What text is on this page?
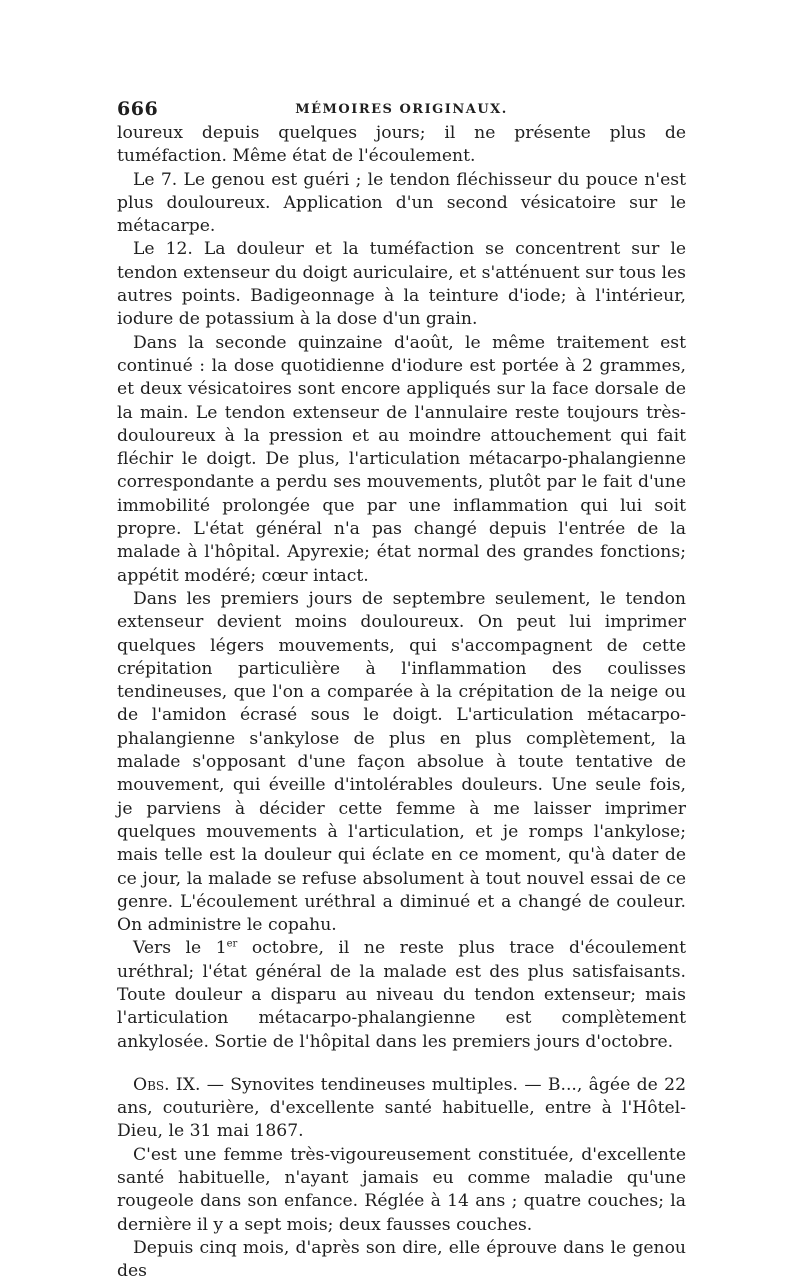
666	MÉMOIRES ORIGINAUX.

loureux depuis quelques jours; il ne présente plus de tuméfaction. Même état de l'écoulement.

Le 7. Le genou est guéri ; le tendon fléchisseur du pouce n'est plus douloureux. Application d'un second vésicatoire sur le métacarpe.

Le 12. La douleur et la tuméfaction se concentrent sur le tendon extenseur du doigt auriculaire, et s'atténuent sur tous les autres points. Badigeonnage à la teinture d'iode; à l'intérieur, iodure de potassium à la dose d'un grain.

Dans la seconde quinzaine d'août, le même traitement est continué : la dose quotidienne d'iodure est portée à 2 grammes, et deux vésicatoires sont encore appliqués sur la face dorsale de la main. Le tendon extenseur de l'annulaire reste toujours très-douloureux à la pression et au moindre attouchement qui fait fléchir le doigt. De plus, l'articulation métacarpo-phalangienne correspondante a perdu ses mouvements, plutôt par le fait d'une immobilité prolongée que par une inflammation qui lui soit propre. L'état général n'a pas changé depuis l'entrée de la malade à l'hôpital. Apyrexie; état normal des grandes fonctions; appétit modéré; cœur intact.

Dans les premiers jours de septembre seulement, le tendon extenseur devient moins douloureux. On peut lui imprimer quelques légers mouvements, qui s'accompagnent de cette crépitation particulière à l'inflammation des coulisses tendineuses, que l'on a comparée à la crépitation de la neige ou de l'amidon écrasé sous le doigt. L'articulation métacarpo-phalangienne s'ankylose de plus en plus complètement, la malade s'opposant d'une façon absolue à toute tentative de mouvement, qui éveille d'intolérables douleurs. Une seule fois, je parviens à décider cette femme à me laisser imprimer quelques mouvements à l'articulation, et je romps l'ankylose; mais telle est la douleur qui éclate en ce moment, qu'à dater de ce jour, la malade se refuse absolument à tout nouvel essai de ce genre. L'écoulement uréthral a diminué et a changé de couleur. On administre le copahu.

Vers le 1er octobre, il ne reste plus trace d'écoulement uréthral; l'état général de la malade est des plus satisfaisants. Toute douleur a disparu au niveau du tendon extenseur; mais l'articulation métacarpo-phalangienne est complètement ankylosée. Sortie de l'hôpital dans les premiers jours d'octobre.

Obs. IX. — Synovites tendineuses multiples. — B..., âgée de 22 ans, couturière, d'excellente santé habituelle, entre à l'Hôtel-Dieu, le 31 mai 1867.

C'est une femme très-vigoureusement constituée, d'excellente santé habituelle, n'ayant jamais eu comme maladie qu'une rougeole dans son enfance. Réglée à 14 ans ; quatre couches; la dernière il y a sept mois; deux fausses couches.

Depuis cinq mois, d'après son dire, elle éprouve dans le genou des
